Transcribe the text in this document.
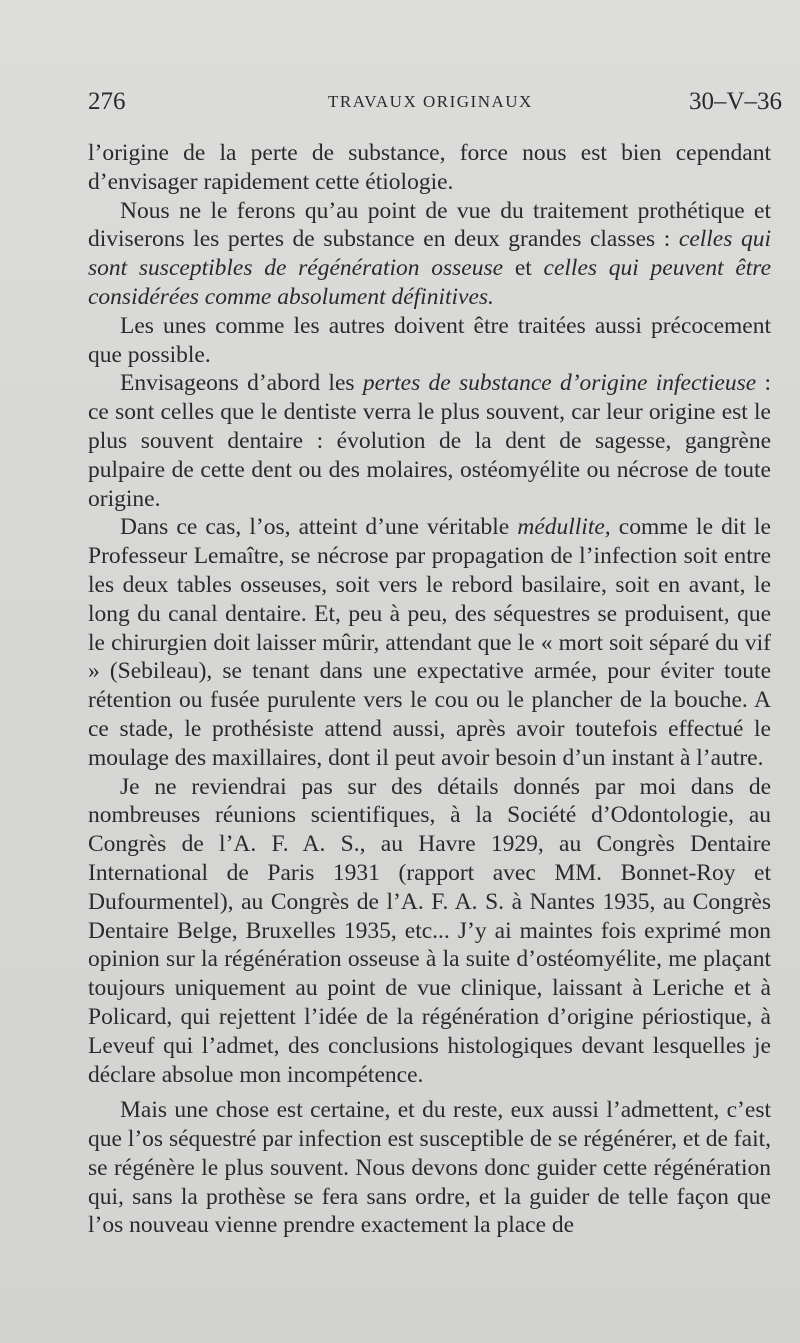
276	TRAVAUX ORIGINAUX	30–V–36

l’origine de la perte de substance, force nous est bien cependant d’envisager rapidement cette étiologie.

Nous ne le ferons qu’au point de vue du traitement prothétique et diviserons les pertes de substance en deux grandes classes : celles qui sont susceptibles de régénération osseuse et celles qui peuvent être considérées comme absolument définitives.

Les unes comme les autres doivent être traitées aussi précocement que possible.

Envisageons d’abord les pertes de substance d’origine infectieuse : ce sont celles que le dentiste verra le plus souvent, car leur origine est le plus souvent dentaire : évolution de la dent de sagesse, gangrène pulpaire de cette dent ou des molaires, ostéomyélite ou nécrose de toute origine.

Dans ce cas, l’os, atteint d’une véritable médullite, comme le dit le Professeur Lemaître, se nécrose par propagation de l’infection soit entre les deux tables osseuses, soit vers le rebord basilaire, soit en avant, le long du canal dentaire. Et, peu à peu, des séquestres se produisent, que le chirurgien doit laisser mûrir, attendant que le « mort soit séparé du vif » (Sebileau), se tenant dans une expectative armée, pour éviter toute rétention ou fusée purulente vers le cou ou le plancher de la bouche. A ce stade, le prothésiste attend aussi, après avoir toutefois effectué le moulage des maxillaires, dont il peut avoir besoin d’un instant à l’autre.

Je ne reviendrai pas sur des détails donnés par moi dans de nombreuses réunions scientifiques, à la Société d’Odontologie, au Congrès de l’A. F. A. S., au Havre 1929, au Congrès Dentaire International de Paris 1931 (rapport avec MM. Bonnet-Roy et Dufourmentel), au Congrès de l’A. F. A. S. à Nantes 1935, au Congrès Dentaire Belge, Bruxelles 1935, etc... J’y ai maintes fois exprimé mon opinion sur la régénération osseuse à la suite d’ostéomyélite, me plaçant toujours uniquement au point de vue clinique, laissant à Leriche et à Policard, qui rejettent l’idée de la régénération d’origine périostique, à Leveuf qui l’admet, des conclusions histologiques devant lesquelles je déclare absolue mon incompétence.

Mais une chose est certaine, et du reste, eux aussi l’admettent, c’est que l’os séquestré par infection est susceptible de se régénérer, et de fait, se régénère le plus souvent. Nous devons donc guider cette régénération qui, sans la prothèse se fera sans ordre, et la guider de telle façon que l’os nouveau vienne prendre exactement la place de
